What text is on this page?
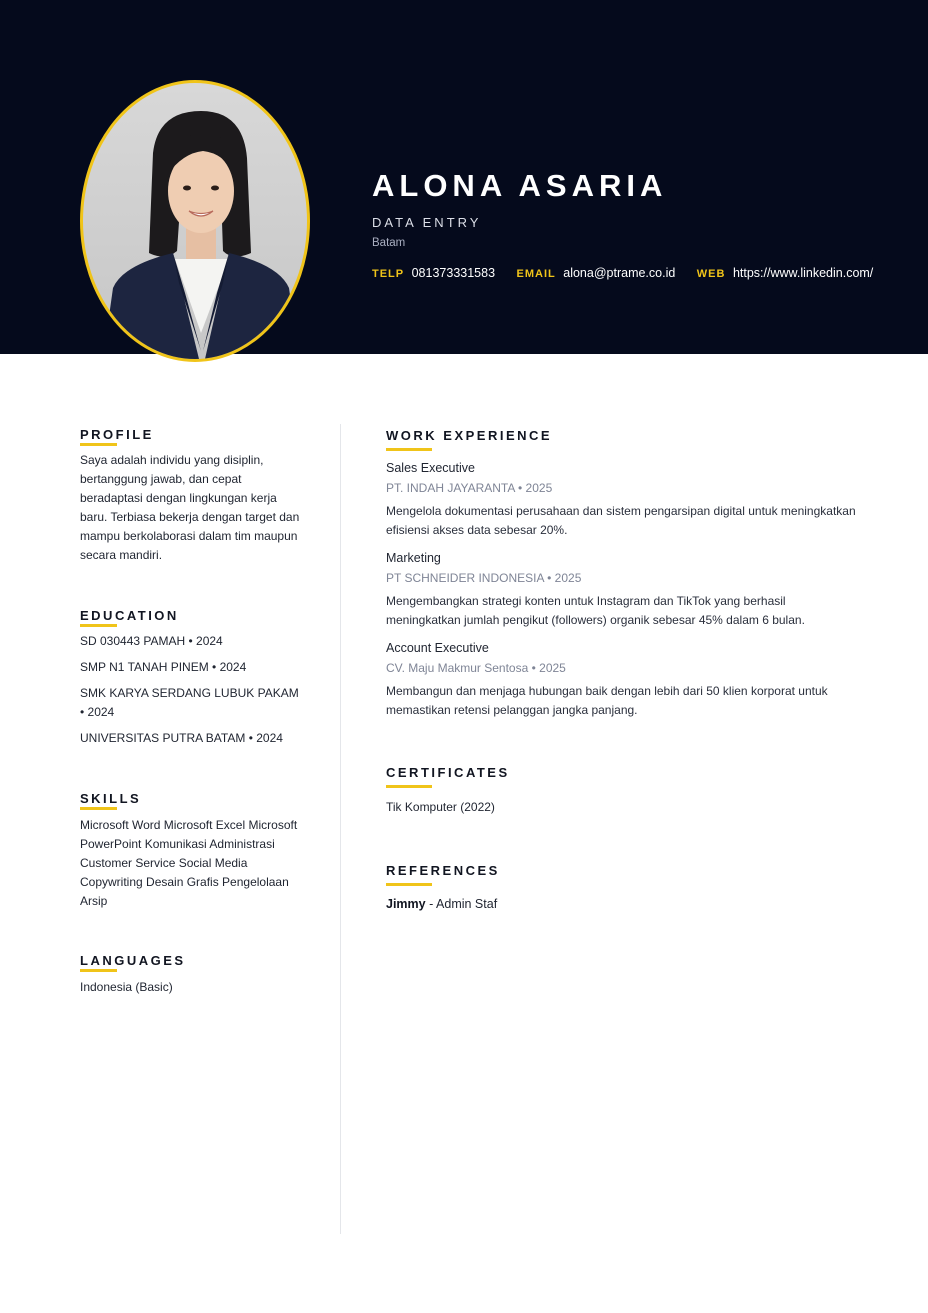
ALONA ASARIA
DATA ENTRY
Batam
TELP 081373331583 EMAIL alona@ptrame.co.id WEB https://www.linkedin.com/
PROFILE
Saya adalah individu yang disiplin, bertanggung jawab, dan cepat beradaptasi dengan lingkungan kerja baru. Terbiasa bekerja dengan target dan mampu berkolaborasi dalam tim maupun secara mandiri.
EDUCATION
SD 030443 PAMAH • 2024
SMP N1 TANAH PINEM • 2024
SMK KARYA SERDANG LUBUK PAKAM • 2024
UNIVERSITAS PUTRA BATAM • 2024
SKILLS
Microsoft Word Microsoft Excel Microsoft PowerPoint Komunikasi Administrasi Customer Service Social Media Copywriting Desain Grafis Pengelolaan Arsip
LANGUAGES
Indonesia (Basic)
WORK EXPERIENCE
Sales Executive
PT. INDAH JAYARANTA • 2025
Mengelola dokumentasi perusahaan dan sistem pengarsipan digital untuk meningkatkan efisiensi akses data sebesar 20%.
Marketing
PT SCHNEIDER INDONESIA • 2025
Mengembangkan strategi konten untuk Instagram dan TikTok yang berhasil meningkatkan jumlah pengikut (followers) organik sebesar 45% dalam 6 bulan.
Account Executive
CV. Maju Makmur Sentosa • 2025
Membangun dan menjaga hubungan baik dengan lebih dari 50 klien korporat untuk memastikan retensi pelanggan jangka panjang.
CERTIFICATES
Tik Komputer (2022)
REFERENCES
Jimmy - Admin Staf
